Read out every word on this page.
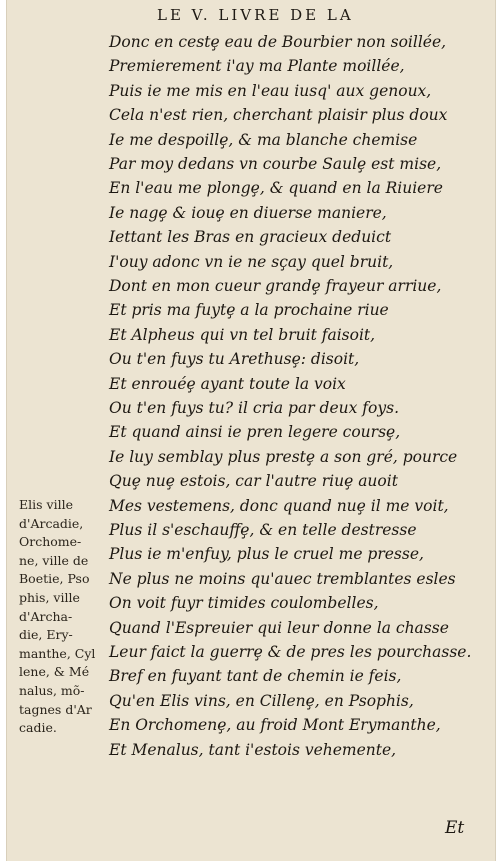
LE V. LIVRE DE LA
Donc en cestȩ eau de Bourbier non soillée,
Premierement i'ay ma Plante moillée,
Puis ie me mis en l'eau iusq' aux genoux,
Cela n'est rien, cherchant plaisir plus doux
Ie me despoillȩ, & ma blanche chemise
Par moy dedans vn courbe Saulȩ est mise,
En l'eau me plongȩ, & quand en la Riuiere
Ie nagȩ & iouȩ en diuerse maniere,
Iettant les Bras en gracieux deduict
I'ouy adonc vn ie ne sçay quel bruit,
Dont en mon cueur grandȩ frayeur arriue,
Et pris ma fuytȩ a la prochaine riue
Et Alpheus qui vn tel bruit faisoit,
Ou t'en fuys tu Arethusȩ: disoit,
Et enrouéȩ ayant toute la voix
Ou t'en fuys tu? il cria par deux foys.
Et quand ainsi ie pren legere coursȩ,
Ie luy semblay plus prestȩ a son gré, pource
Quȩ nuȩ estois, car l'autre riuȩ auoit
Mes vestemens, donc quand nuȩ il me voit,
Plus il s'eschauffȩ, & en telle destresse
Plus ie m'enfuy, plus le cruel me presse,
Ne plus ne moins qu'auec tremblantes esles
On voit fuyr timides coulombelles,
Quand l'Espreuier qui leur donne la chasse
Leur faict la guerrȩ & de pres les pourchasse.
Bref en fuyant tant de chemin ie feis,
Qu'en Elis vins, en Cillenȩ, en Psophis,
En Orchomenȩ, au froid Mont Erymanthe,
Et Menalus, tant i'estois vehemente,
Elis ville
d'Arcadie,
Orchome-
ne, ville de
Boetie, Pso
phis, ville
d'Archa-
die, Ery-
manthe, Cyl
lene, & Mé
nalus, mõ-
tagnes d'Ar
cadie.
Et
